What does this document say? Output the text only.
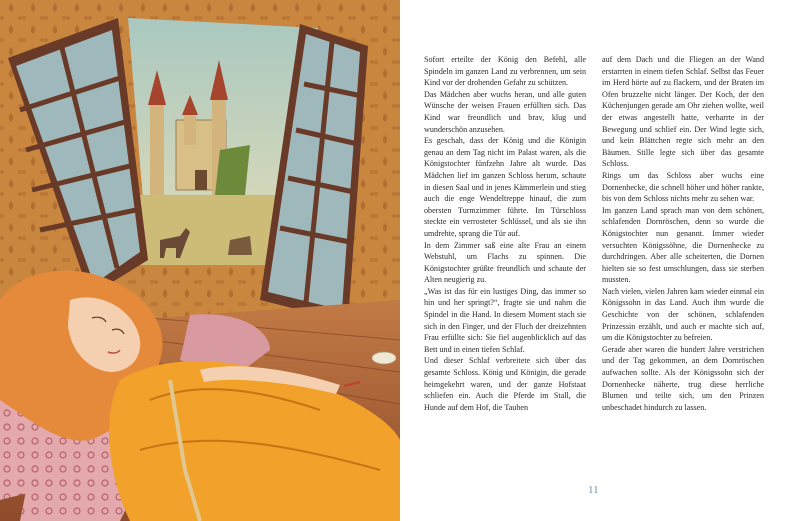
Sofort erteilte der König den Befehl, alle Spindeln im ganzen Land zu verbrennen, um sein Kind vor der drohenden Gefahr zu schützen.

Das Mädchen aber wuchs heran, und alle guten Wünsche der weisen Frauen erfüllten sich. Das Kind war freundlich und brav, klug und wunderschön anzusehen.

Es geschah, dass der König und die Königin genau an dem Tag nicht im Palast waren, als die Königstochter fünfzehn Jahre alt wurde. Das Mädchen lief im ganzen Schloss herum, schaute in diesen Saal und in jenes Kämmerlein und stieg auch die enge Wendeltreppe hinauf, die zum obersten Turmzimmer führte. Im Türschloss steckte ein verrosteter Schlüssel, und als sie ihn umdrehte, sprang die Tür auf.

In dem Zimmer saß eine alte Frau an einem Webstuhl, um Flachs zu spinnen. Die Königstochter grüßte freundlich und schaute der Alten neugierig zu.

„Was ist das für ein lustiges Ding, das immer so hin und her springt?“, fragte sie und nahm die Spindel in die Hand. In diesem Moment stach sie sich in den Finger, und der Fluch der dreizehnten Frau erfüllte sich: Sie fiel augenblicklich auf das Bett und in einen tiefen Schlaf.

Und dieser Schlaf verbreitete sich über das gesamte Schloss. König und Königin, die gerade heimgekehrt waren, und der ganze Hofstaat schliefen ein. Auch die Pferde im Stall, die Hunde auf dem Hof, die Tauben

auf dem Dach und die Fliegen an der Wand erstarrten in einem tiefen Schlaf. Selbst das Feuer im Herd hörte auf zu flackern, und der Braten im Ofen bruzzelte nicht länger. Der Koch, der den Küchenjungen gerade am Ohr ziehen wollte, weil der etwas angestellt hatte, verharrte in der Bewegung und schlief ein. Der Wind legte sich, und kein Blättchen regte sich mehr an den Bäumen. Stille legte sich über das gesamte Schloss.

Rings um das Schloss aber wuchs eine Dornenhecke, die schnell höher und höher rankte, bis von dem Schloss nichts mehr zu sehen war.

Im ganzen Land sprach man von dem schönen, schlafenden Dornröschen, denn so wurde die Königstochter nun genannt. Immer wieder versuchten Königssöhne, die Dornenhecke zu durchdringen. Aber alle scheiterten, die Dornen hielten sie so fest umschlungen, dass sie sterben mussten.

Nach vielen, vielen Jahren kam wieder einmal ein Königssohn in das Land. Auch ihm wurde die Geschichte von der schönen, schlafenden Prinzessin erzählt, und auch er machte sich auf, um die Königstochter zu befreien.

Gerade aber waren die hundert Jahre verstrichen und der Tag gekommen, an dem Dornröschen aufwachen sollte. Als der Königssohn sich der Dornenhecke näherte, trug diese herrliche Blumen und teilte sich, um den Prinzen unbeschadet hindurch zu lassen.

11
